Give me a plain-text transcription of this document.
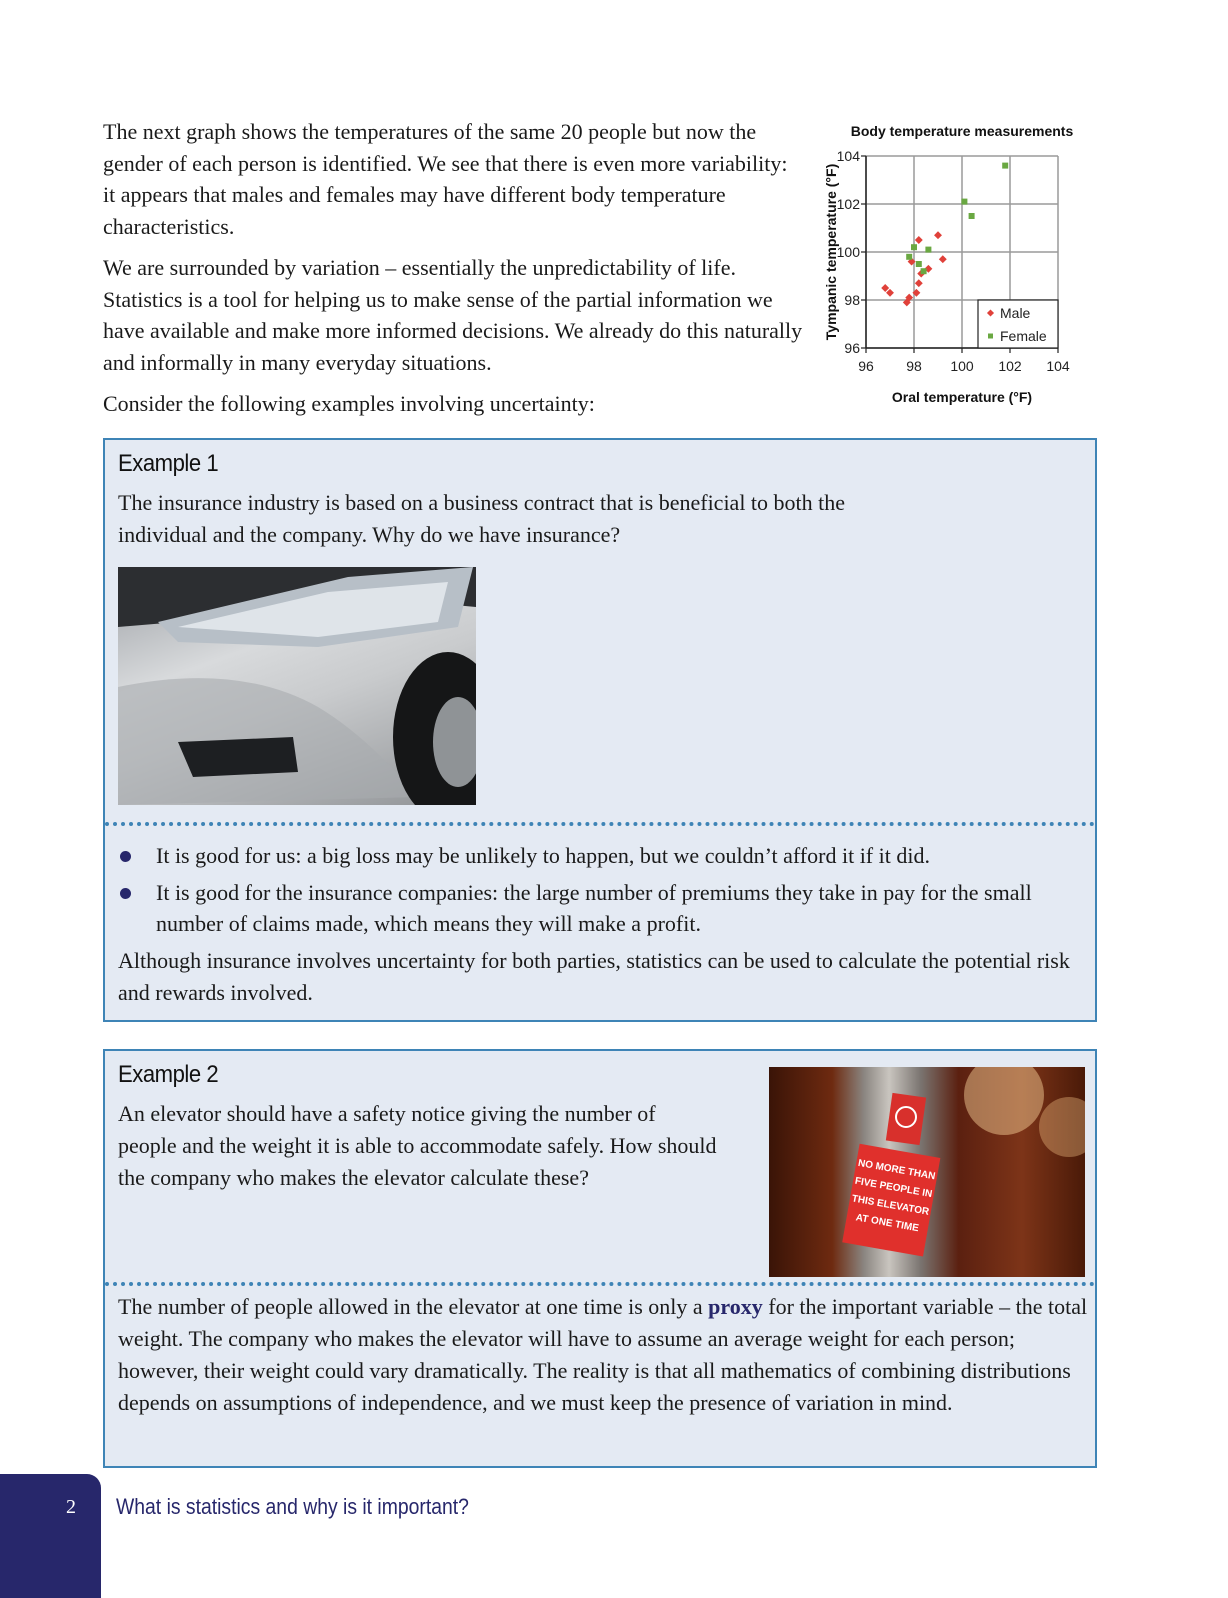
The next graph shows the temperatures of the same 20 people but now the gender of each person is identified. We see that there is even more variability: it appears that males and females may have different body temperature characteristics.

We are surrounded by variation – essentially the unpredictability of life. Statistics is a tool for helping us to make sense of the partial information we have available and make more informed decisions. We already do this naturally and informally in many everyday situations.

Consider the following examples involving uncertainty:

Body temperature measurements
96 98 100 102 104
96
98
100
102
104
Oral temperature (°F)
Tympanic temperature (°F)	Male
Female
Example 1

The insurance industry is based on a business contract that is beneficial to both the individual and the company. Why do we have insurance?

It is good for us: a big loss may be unlikely to happen, but we couldn’t afford it if it did.
It is good for the insurance companies: the large number of premiums they take in pay for the small number of claims made, which means they will make a profit.

Although insurance involves uncertainty for both parties, statistics can be used to calculate the potential risk and rewards involved.

Example 2

An elevator should have a safety notice giving the number of people and the weight it is able to accommodate safely. How should the company who makes the elevator calculate these?	NO MORE THAN
FIVE PEOPLE IN
THIS ELEVATOR
AT ONE TIME

The number of people allowed in the elevator at one time is only a proxy for the important variable – the total weight. The company who makes the elevator will have to assume an average weight for each person; however, their weight could vary dramatically. The reality is that all mathematics of combining distributions depends on assumptions of independence, and we must keep the presence of variation in mind.

2 What is statistics and why is it important?
